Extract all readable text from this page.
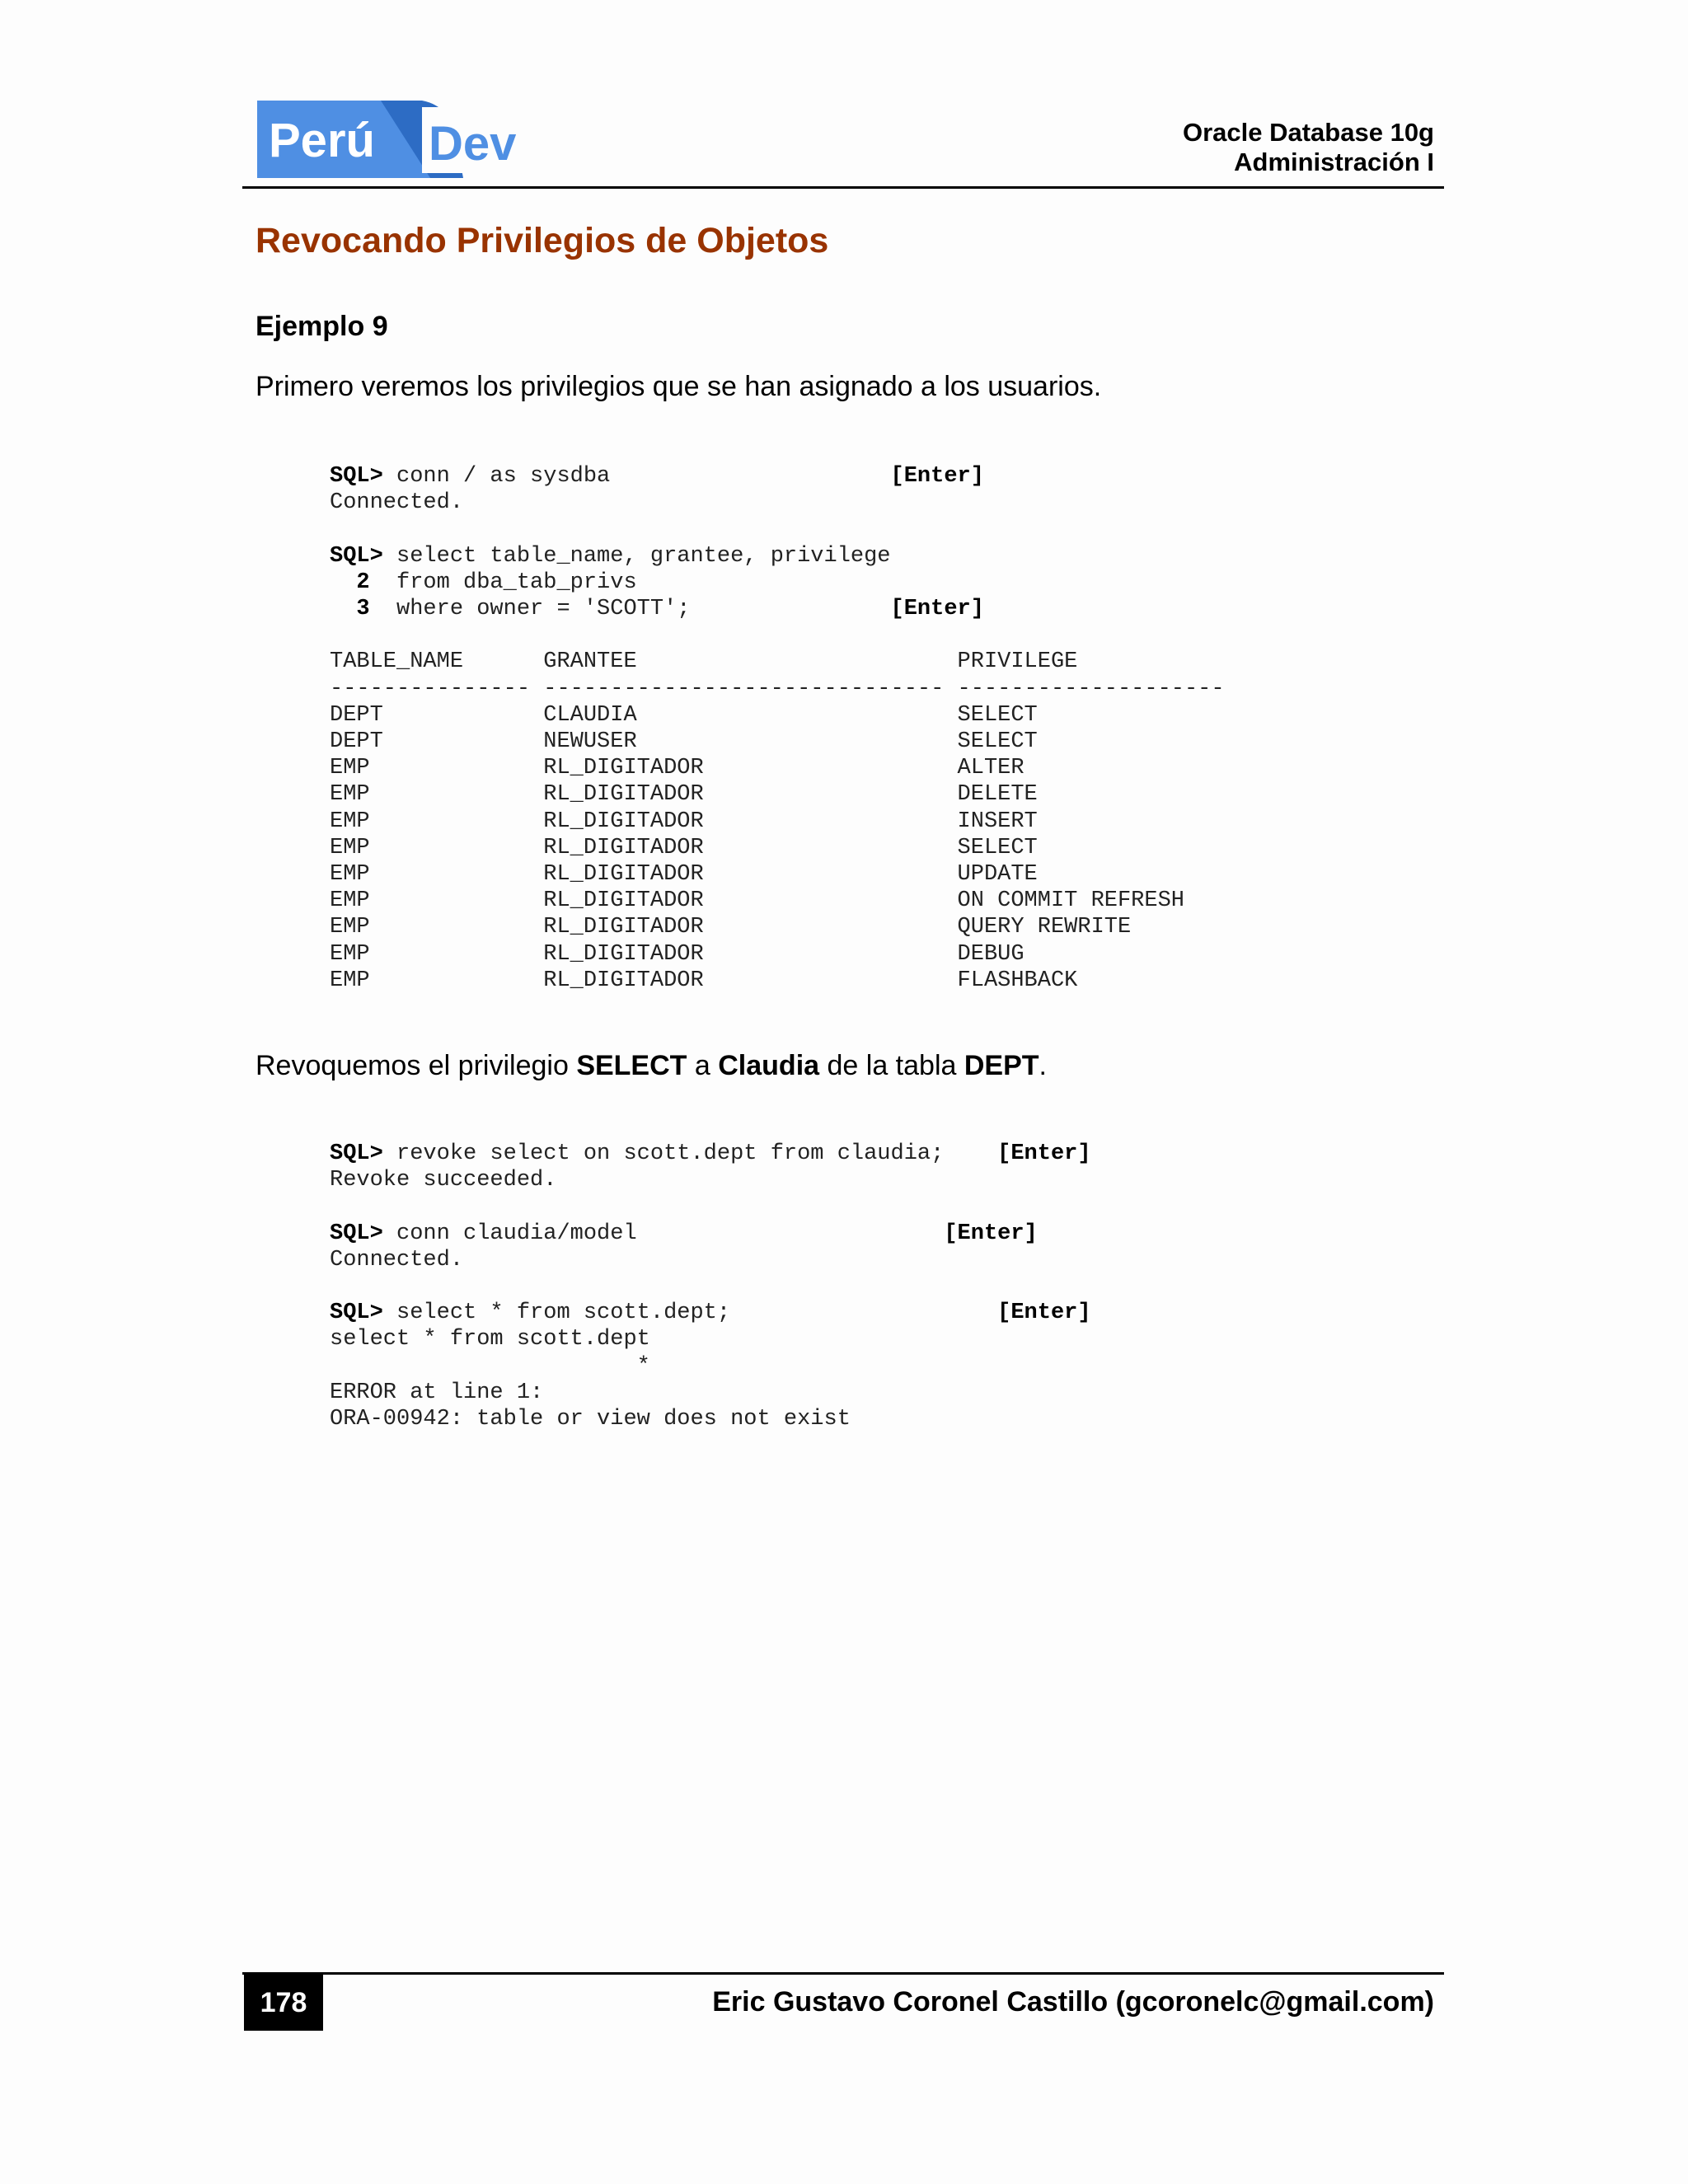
Perú Dev	Oracle Database 10g
Administración I
Revocando Privilegios de Objetos
Ejemplo 9

Primero veremos los privilegios que se han asignado a los usuarios.

SQL> conn / as sysdba	[Enter]
Connected.

SQL> select table_name, grantee, privilege
2 from dba_tab_privs
3 where owner = 'SCOTT';	[Enter]

TABLE_NAME	GRANTEE	PRIVILEGE
--------------- ------------------------------ --------------------
DEPT	CLAUDIA	SELECT
DEPT	NEWUSER	SELECT
EMP	RL_DIGITADOR	ALTER
EMP	RL_DIGITADOR	DELETE
EMP	RL_DIGITADOR	INSERT
EMP	RL_DIGITADOR	SELECT
EMP	RL_DIGITADOR	UPDATE
EMP	RL_DIGITADOR	ON COMMIT REFRESH
EMP	RL_DIGITADOR	QUERY REWRITE
EMP	RL_DIGITADOR	DEBUG
EMP	RL_DIGITADOR	FLASHBACK

Revoquemos el privilegio SELECT a Claudia de la tabla DEPT.

SQL> revoke select on scott.dept from claudia; [Enter]
Revoke succeeded.

SQL> conn claudia/model	[Enter]
Connected.

SQL> select * from scott.dept;	[Enter]
select * from scott.dept
*
ERROR at line 1:
ORA-00942: table or view does not exist
178	Eric Gustavo Coronel Castillo (gcoronelc@gmail.com)
